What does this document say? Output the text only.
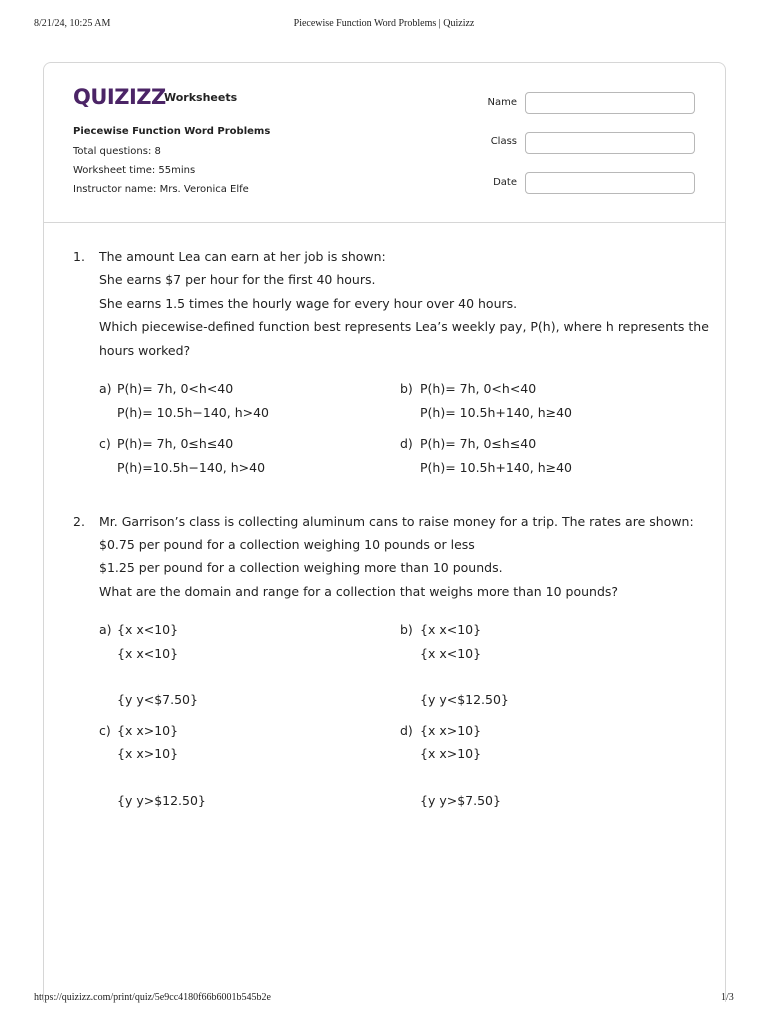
8/21/24, 10:25 AM	Piecewise Function Word Problems | Quizizz
https://quizizz.com/print/quiz/5e9cc4180f66b6001b545b2e	1/3
QUIZIZZ
Worksheets
Piecewise Function Word Problems
Total questions: 8
Worksheet time: 55mins
Instructor name: Mrs. Veronica Elfe
Name
Class
Date
1. The amount Lea can earn at her job is shown:
She earns $7 per hour for the first 40 hours.
She earns 1.5 times the hourly wage for every hour over 40 hours.
Which piecewise-defined function best represents Lea’s weekly pay, P(h), where h represents the
hours worked?
a) P(h)= 7h, 0<h<40
P(h)= 10.5h−140, h>40
b) P(h)= 7h, 0<h<40
P(h)= 10.5h+140, h≥40
c) P(h)= 7h, 0≤h≤40
P(h)=10.5h−140, h>40
d) P(h)= 7h, 0≤h≤40
P(h)= 10.5h+140, h≥40
2. Mr. Garrison’s class is collecting aluminum cans to raise money for a trip. The rates are shown:
$0.75 per pound for a collection weighing 10 pounds or less
$1.25 per pound for a collection weighing more than 10 pounds.
What are the domain and range for a collection that weighs more than 10 pounds?
a) {x x<10}
{x x<10}
{y y<$7.50}
b) {x x<10}
{x x<10}
{y y<$12.50}
c) {x x>10}
{x x>10}
{y y>$12.50}
d) {x x>10}
{x x>10}
{y y>$7.50}
